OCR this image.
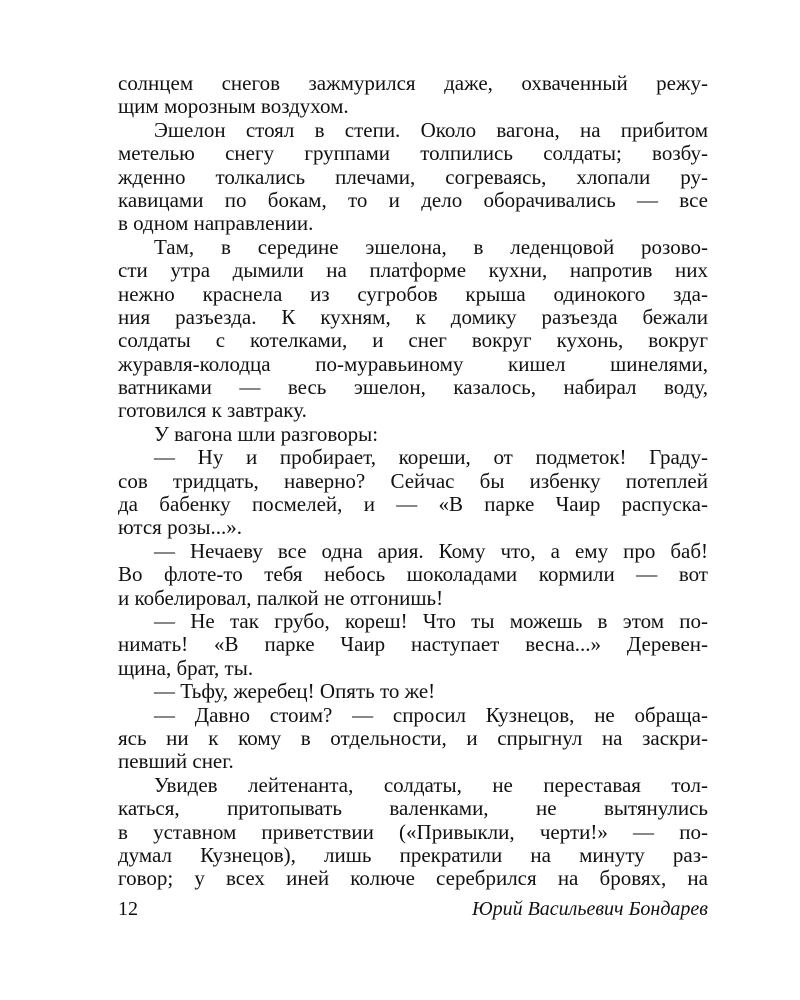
солнцем снегов зажмурился даже, охваченный режу-
щим морозным воздухом.
Эшелон стоял в степи. Около вагона, на прибитом
метелью снегу группами толпились солдаты; возбу-
жденно толкались плечами, согреваясь, хлопали ру-
кавицами по бокам, то и дело оборачивались — все
в одном направлении.
Там, в середине эшелона, в леденцовой розово-
сти утра дымили на платформе кухни, напротив них
нежно краснела из сугробов крыша одинокого зда-
ния разъезда. К кухням, к домику разъезда бежали
солдаты с котелками, и снег вокруг кухонь, вокруг
журавля-колодца по-муравьиному кишел шинелями,
ватниками — весь эшелон, казалось, набирал воду,
готовился к завтраку.
У вагона шли разговоры:
— Ну и пробирает, кореши, от подметок! Граду-
сов тридцать, наверно? Сейчас бы избенку потеплей
да бабенку посмелей, и — «В парке Чаир распуска-
ются розы...».
— Нечаеву все одна ария. Кому что, а ему про баб!
Во флоте-то тебя небось шоколадами кормили — вот
и кобелировал, палкой не отгонишь!
— Не так грубо, кореш! Что ты можешь в этом по-
нимать! «В парке Чаир наступает весна...» Деревен-
щина, брат, ты.
— Тьфу, жеребец! Опять то же!
— Давно стоим? — спросил Кузнецов, не обраща-
ясь ни к кому в отдельности, и спрыгнул на заскри-
певший снег.
Увидев лейтенанта, солдаты, не переставая тол-
каться, притопывать валенками, не вытянулись
в уставном приветствии («Привыкли, черти!» — по-
думал Кузнецов), лишь прекратили на минуту раз-
говор; у всех иней колюче серебрился на бровях, на
12	Юрий Васильевич Бондарев
